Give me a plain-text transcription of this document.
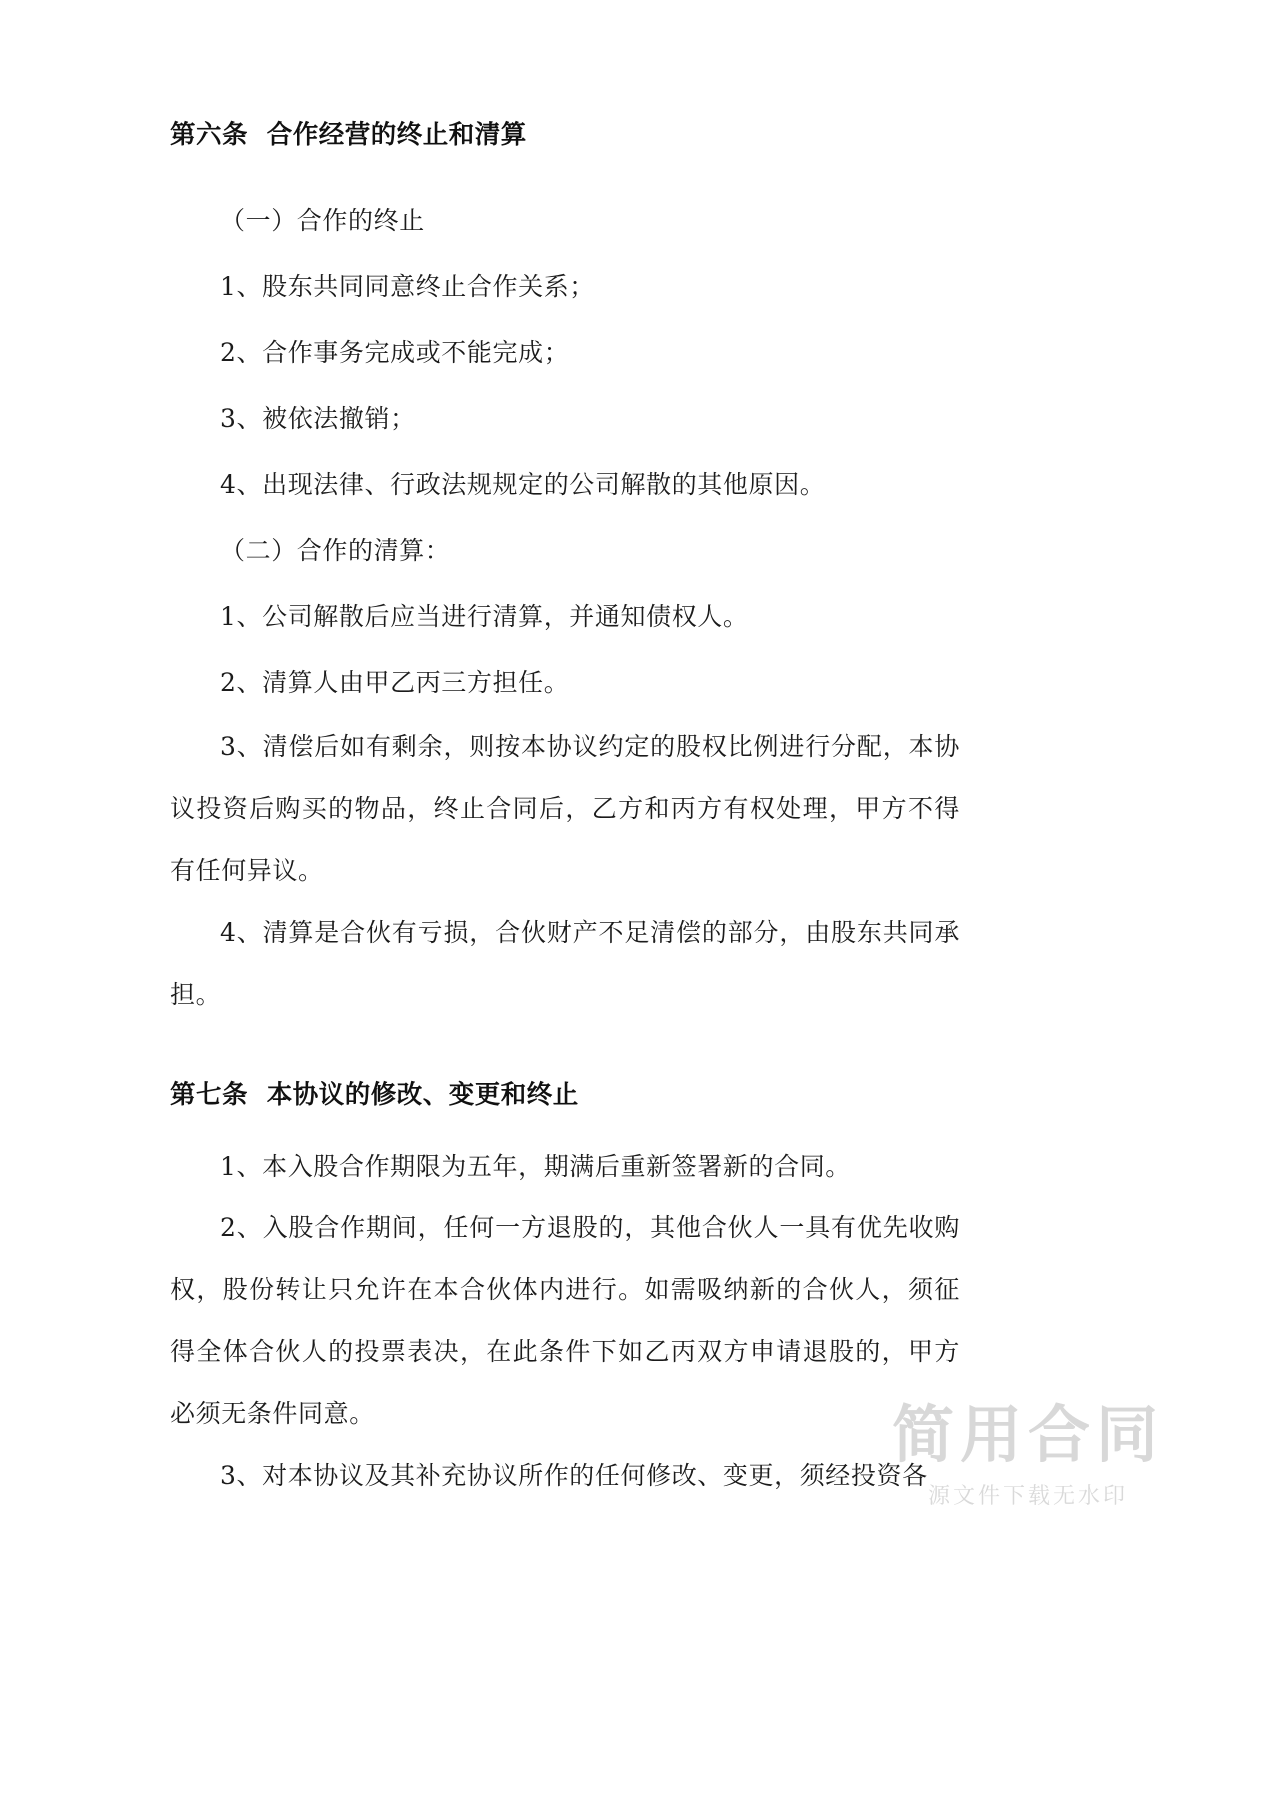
第六条  合作经营的终止和清算

（一）合作的终止

1、股东共同同意终止合作关系；

2、合作事务完成或不能完成；

3、被依法撤销；

4、出现法律、行政法规规定的公司解散的其他原因。

（二）合作的清算：

1、公司解散后应当进行清算，并通知债权人。

2、清算人由甲乙丙三方担任。

3、清偿后如有剩余，则按本协议约定的股权比例进行分配，本协议投资后购买的物品，终止合同后，乙方和丙方有权处理，甲方不得有任何异议。

4、清算是合伙有亏损，合伙财产不足清偿的部分，由股东共同承担。

第七条  本协议的修改、变更和终止

1、本入股合作期限为五年，期满后重新签署新的合同。

2、入股合作期间，任何一方退股的，其他合伙人一具有优先收购权，股份转让只允许在本合伙体内进行。如需吸纳新的合伙人，须征得全体合伙人的投票表决，在此条件下如乙丙双方申请退股的，甲方必须无条件同意。

3、对本协议及其补充协议所作的任何修改、变更，须经投资各

简用合同
源文件下载无水印
